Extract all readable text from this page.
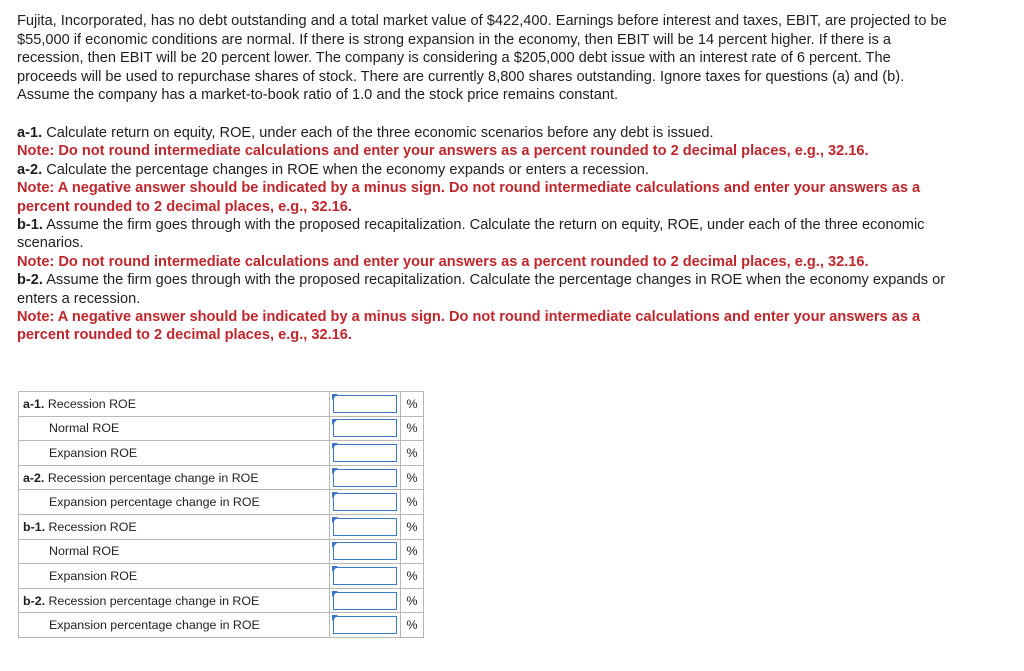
Fujita, Incorporated, has no debt outstanding and a total market value of $422,400. Earnings before interest and taxes, EBIT, are projected to be $55,000 if economic conditions are normal. If there is strong expansion in the economy, then EBIT will be 14 percent higher. If there is a recession, then EBIT will be 20 percent lower. The company is considering a $205,000 debt issue with an interest rate of 6 percent. The proceeds will be used to repurchase shares of stock. There are currently 8,800 shares outstanding. Ignore taxes for questions (a) and (b). Assume the company has a market-to-book ratio of 1.0 and the stock price remains constant.

a-1. Calculate return on equity, ROE, under each of the three economic scenarios before any debt is issued.

Note: Do not round intermediate calculations and enter your answers as a percent rounded to 2 decimal places, e.g., 32.16.

a-2. Calculate the percentage changes in ROE when the economy expands or enters a recession.

Note: A negative answer should be indicated by a minus sign. Do not round intermediate calculations and enter your answers as a percent rounded to 2 decimal places, e.g., 32.16.

b-1. Assume the firm goes through with the proposed recapitalization. Calculate the return on equity, ROE, under each of the three economic scenarios.

Note: Do not round intermediate calculations and enter your answers as a percent rounded to 2 decimal places, e.g., 32.16.

b-2. Assume the firm goes through with the proposed recapitalization. Calculate the percentage changes in ROE when the economy expands or enters a recession.

Note: A negative answer should be indicated by a minus sign. Do not round intermediate calculations and enter your answers as a percent rounded to 2 decimal places, e.g., 32.16.

a-1. Recession ROE		%
Normal ROE		%
Expansion ROE		%
a-2. Recession percentage change in ROE		%
Expansion percentage change in ROE		%
b-1. Recession ROE		%
Normal ROE		%
Expansion ROE		%
b-2. Recession percentage change in ROE		%
Expansion percentage change in ROE		%
